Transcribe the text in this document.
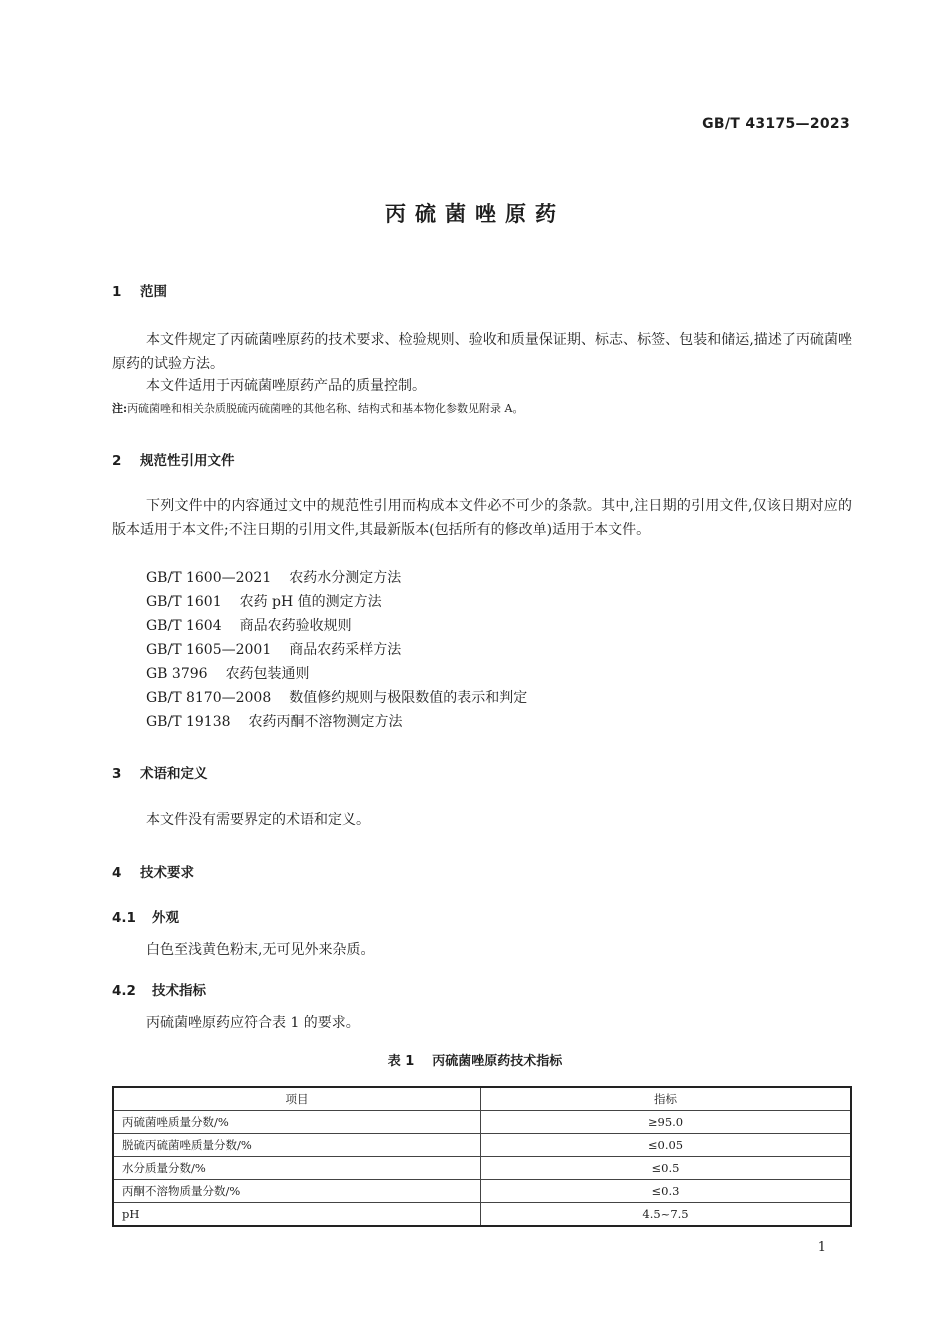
GB/T 43175—2023
丙硫菌唑原药
1 范围

本文件规定了丙硫菌唑原药的技术要求、检验规则、验收和质量保证期、标志、标签、包装和储运,描述了丙硫菌唑原药的试验方法。

本文件适用于丙硫菌唑原药产品的质量控制。

注:丙硫菌唑和相关杂质脱硫丙硫菌唑的其他名称、结构式和基本物化参数见附录 A。
2 规范性引用文件

下列文件中的内容通过文中的规范性引用而构成本文件必不可少的条款。其中,注日期的引用文件,仅该日期对应的版本适用于本文件;不注日期的引用文件,其最新版本(包括所有的修改单)适用于本文件。

GB/T 1600—2021 农药水分测定方法
GB/T 1601 农药 pH 值的测定方法
GB/T 1604 商品农药验收规则
GB/T 1605—2001 商品农药采样方法
GB 3796 农药包装通则
GB/T 8170—2008 数值修约规则与极限数值的表示和判定
GB/T 19138 农药丙酮不溶物测定方法
3 术语和定义
本文件没有需要界定的术语和定义。
4 技术要求
4.1 外观
白色至浅黄色粉末,无可见外来杂质。
4.2 技术指标
丙硫菌唑原药应符合表 1 的要求。
表 1 丙硫菌唑原药技术指标
项目	指标
丙硫菌唑质量分数/%	≥95.0
脱硫丙硫菌唑质量分数/%	≤0.05
水分质量分数/%	≤0.5
丙酮不溶物质量分数/%	≤0.3
pH	4.5~7.5
1
